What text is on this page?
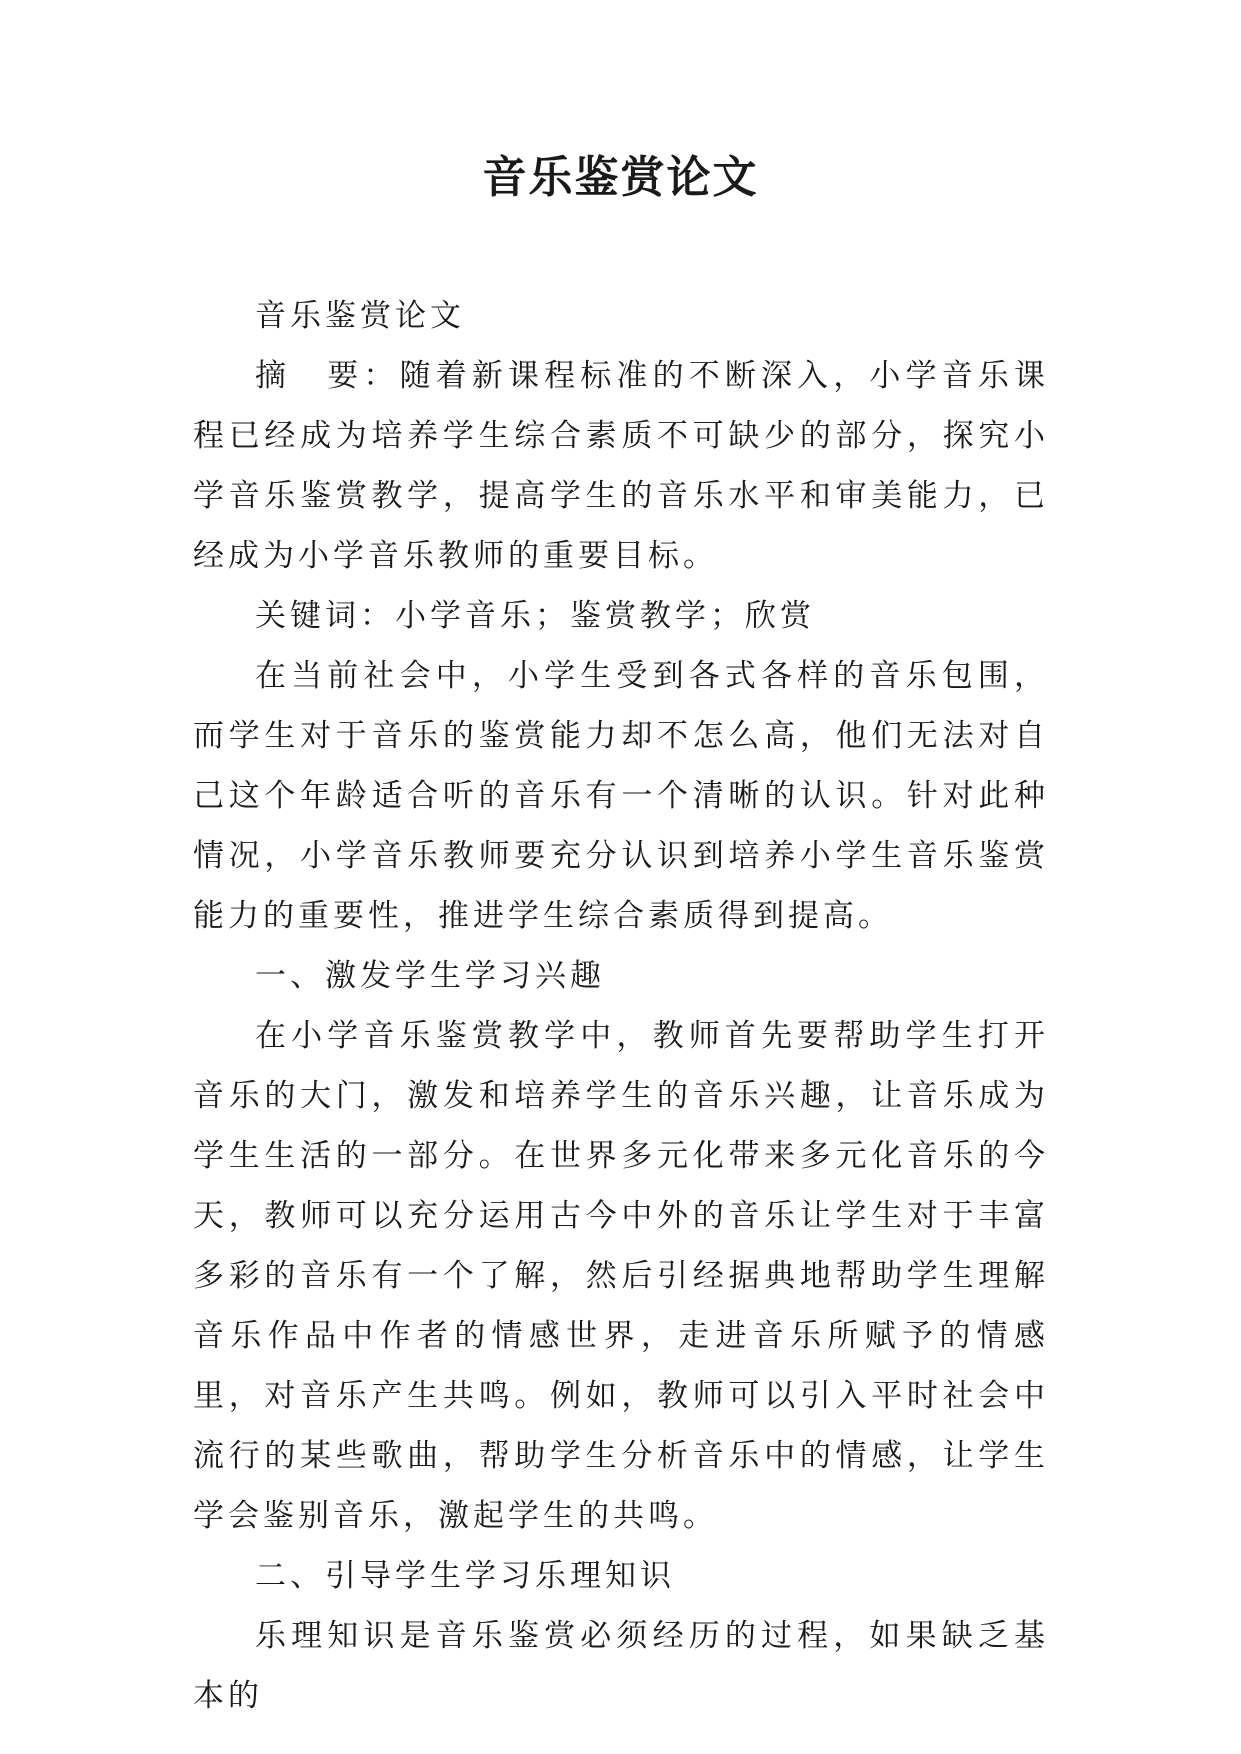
音乐鉴赏论文

音乐鉴赏论文

摘　要：随着新课程标准的不断深入，小学音乐课程已经成为培养学生综合素质不可缺少的部分，探究小学音乐鉴赏教学，提高学生的音乐水平和审美能力，已经成为小学音乐教师的重要目标。

关键词：小学音乐；鉴赏教学；欣赏

在当前社会中，小学生受到各式各样的音乐包围，而学生对于音乐的鉴赏能力却不怎么高，他们无法对自己这个年龄适合听的音乐有一个清晰的认识。针对此种情况，小学音乐教师要充分认识到培养小学生音乐鉴赏能力的重要性，推进学生综合素质得到提高。

一、激发学生学习兴趣

在小学音乐鉴赏教学中，教师首先要帮助学生打开音乐的大门，激发和培养学生的音乐兴趣，让音乐成为学生生活的一部分。在世界多元化带来多元化音乐的今天，教师可以充分运用古今中外的音乐让学生对于丰富多彩的音乐有一个了解，然后引经据典地帮助学生理解音乐作品中作者的情感世界，走进音乐所赋予的情感里，对音乐产生共鸣。例如，教师可以引入平时社会中流行的某些歌曲，帮助学生分析音乐中的情感，让学生学会鉴别音乐，激起学生的共鸣。

二、引导学生学习乐理知识

乐理知识是音乐鉴赏必须经历的过程，如果缺乏基本的
